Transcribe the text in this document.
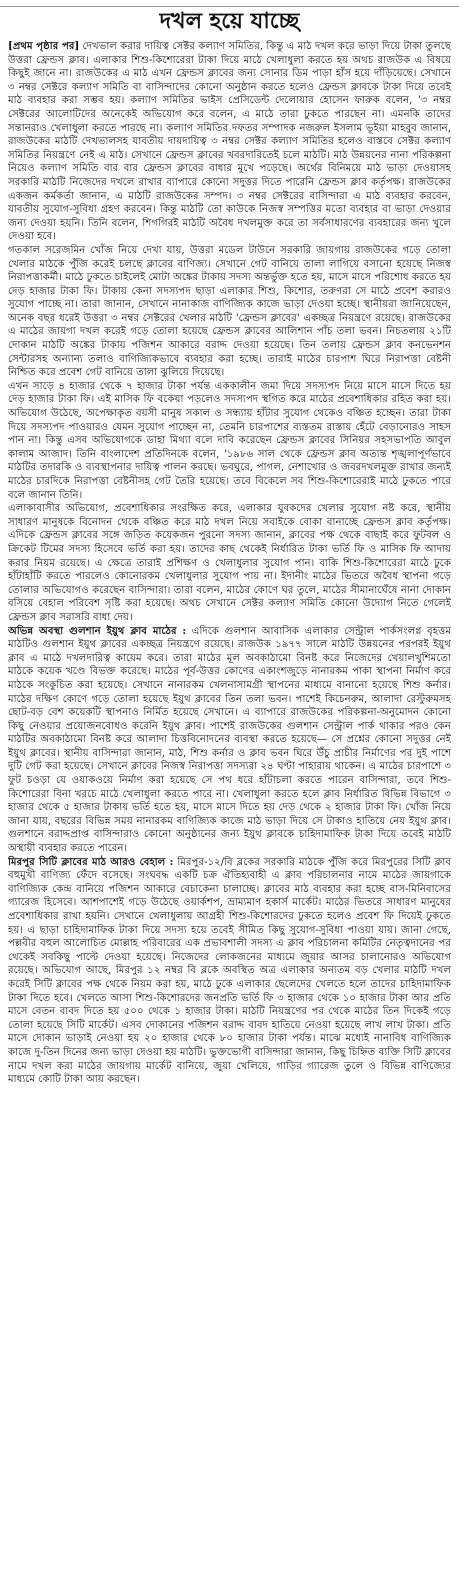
দখল হয়ে যাচ্ছে

[প্রথম পৃষ্ঠার পর] দেখভাল করার দায়িত্ব সেক্টর কল্যাণ সমিতির, কিন্তু এ মাঠ দখল করে ভাড়া দিয়ে টাকা তুলছে উত্তরা ফ্রেন্ডস ক্লাব। এলাকার শিশু-কিশোরেরা টাকা দিয়ে মাঠে খেলাধুলা করতে হয় অথচ রাজউক এ বিষয়ে কিছুই জানে না। রাজউকের এ মাঠ এখন ফ্রেন্ডস ক্লাবের জন্য সোনার ডিম পাড়া হাঁস হয়ে দাঁড়িয়েছে। সেখানে ৩ নম্বর সেক্টরে কল্যাণ সমিতি বা বাসিন্দাদের কোনো অনুষ্ঠান করতে হলেও ফ্রেন্ডস ক্লাবকে টাকা দিয়ে তবেই মাঠ ব্যবহার করা সম্ভব হয়। কল্যাণ সমিতির ভাইস প্রেসিডেন্ট দেলোয়ার হোসেন ফারুক বলেন, '৩ নম্বর সেক্টরের আলোটিদের অনেকেই অভিযোগ করে বলেন, এ মাঠে তারা ঢুকতে পারছেন না। এমনকি তাদের সন্তানরাও খেলাধুলা করতে পারছে না। কল্যাণ সমিতির দফতর সম্পাদক নজরুল ইসলাম ভূইয়া মাহবুব জানান, রাজউকের মাঠটি দেখভালসহ যাবতীয় দায়দায়িত্ব ৩ নম্বর সেক্টর কল্যাণ সমিতির হলেও বাস্তবে সেক্টর কল্যাণ সমিতির নিয়ন্ত্রণে নেই এ মাঠ। সেখানে ফ্রেন্ডস ক্লাবের খবরদারিতেই চলে মাঠটি। মাঠ উন্নয়নের নানা পরিকল্পনা নিয়েও কল্যাণ সমিতি বার বার ফ্রেন্ডস ক্লাবের বাধার মুখে পড়েছে। অর্থের বিনিময়ে মাঠ ভাড়া দেওয়াসহ সরকারি মাঠটি নিজেদের দখলে রাখার ব্যাপারে কোনো সদুত্তর দিতে পারেনি ফ্রেন্ডস ক্লাব কর্তৃপক্ষ। রাজউকের একজন কর্মকর্তা জানান, এ মাঠটি রাজউকের সম্পদ। ৩ নম্বর সেক্টরের বাসিন্দারা এ মাঠ ব্যবহার করবেন, যাবতীয় সুযোগ-সুবিধা গ্রহণ করবেন। কিন্তু মাঠটি তো কাউকে নিজস্ব সম্পত্তির মতো ব্যবহার বা ভাড়া দেওয়ার জন্য দেওয়া হয়নি। তিনি বলেন, শিগগিরই মাঠটি অবৈধ দখলমুক্ত করে তা সর্বসাধারণের ব্যবহারের জন্য খুলে দেওয়া হবে।

গতকাল সরেজমিন খোঁজ নিয়ে দেখা যায়, উত্তরা মডেল টাউনে সরকারি জায়গায় রাজউকের গড়ে তোলা খেলার মাঠকে পুঁজি করেই চলছে ক্লাবের বাণিজ্য। সেখানে গেট বানিয়ে তালা লাগিয়ে বসানো হয়েছে নিজস্ব নিরাপত্তাকর্মী। মাঠে ঢুকতে চাইলেই মোটা অঙ্কের টাকায় সদস্য অন্তর্ভুক্ত হতে হয়, মাসে মাসে পরিশোধ করতে হয় দেড় হাজার টাকা ফি। টাকায় কেনা সদস্যপদ ছাড়া এলাকার শিশু, কিশোর, তরুণরা সে মাঠে প্রবেশ করারও সুযোগ পাচ্ছে না। তারা জানান, সেখানে নানাকাজ বাণিজ্যিক কাজে ভাড়া দেওয়া হচ্ছে। স্থানীয়রা জানিয়েছেন, অনেক বছর ধরেই উত্তরা ৩ নম্বর সেক্টরের খেলার মাঠটি 'ফ্রেন্ডস ক্লাবের' একচ্ছত্র নিয়ন্ত্রণে রয়েছে। রাজউকের এ মাঠের জায়গা দখল করেই গড়ে তোলা হয়েছে ফ্রেন্ডস ক্লাবের আলিশান পাঁচ তলা ভবন। নিচতলায় ২১টি দোকান মাঠটি অঙ্কের টাকায় পজিশন আকারে বরাদ্দ দেওয়া হয়েছে। তিন তলায় ফ্রেন্ডস ক্লাব কনভেনশন সেন্টারসহ অন্যান্য তলাও বাণিজ্যিকভাবে ব্যবহার করা হচ্ছে। তারাই মাঠের চারপাশ ঘিরে নিরাপত্তা বেষ্টনী নিশ্চিত করে প্রবেশ গেট বানিয়ে তালা ঝুলিয়ে দিয়েছে।

এখন সাড়ে ৪ হাজার থেকে ৭ হাজার টাকা পর্যন্ত এককালীন জমা দিয়ে সদস্যপদ নিয়ে মাসে মাসে দিতে হয় দেড় হাজার টাকা ফি। এই মাসিক ফি বকেয়া পড়লেও সদস্যপদ স্থগিত করে মাঠের প্রবেশাধিকার রহিত করা হয়। অভিযোগ উঠেছে, অপেক্ষাকৃত বয়সী মানুষ সকাল ও সন্ধ্যায় হাঁটার সুযোগ থেকেও বঞ্চিত হচ্ছেন। তারা টাকা দিয়ে সদস্যপদ পাওয়ারও যেমন সুযোগ পাচ্ছেন না, তেমনি চারপাশের ব্যস্ততম রাস্তায় হেঁটে বেড়ানোরও সাহস পান না। কিন্তু এসব অভিযোগকে ডাহা মিথ্যা বলে দাবি করেছেন ফ্রেন্ডস ক্লাবের সিনিয়র সহসভাপতি আবুল কালাম আজাদ। তিনি বাংলাদেশ প্রতিদিনকে বলেন, '১৯৮৬ সাল থেকে ফ্রেন্ডস ক্লাব অত্যন্ত শৃঙ্খলাপূর্ণভাবে মাঠটির তদারকি ও ব্যবস্থাপনার দায়িত্ব পালন করছে। ভবঘুরে, পাগল, নেশাখোর ও জবরদখলমুক্ত রাখার জন্যই মাঠের চারদিকে নিরাপত্তা বেষ্টনীসহ গেট তৈরি হয়েছে। তবে বিকেলে সব শিশু-কিশোরেরাই মাঠে ঢুকতে পারে বলে জানান তিনি।

এলাকাবাসীর অভিযোগ, প্রবেশাধিকার সংরক্ষিত করে, এলাকার যুবকদের খেলার সুযোগ নষ্ট করে, স্থানীয় সাধারণ মানুষকে বিনোদন থেকে বঞ্চিত করে মাঠ দখল নিয়ে সবাইকে বোকা বানাচ্ছে ফ্রেন্ডস ক্লাব কর্তৃপক্ষ। এদিকে ফ্রেন্ডস ক্লাবের সঙ্গে জড়িত কয়েকজন পুরনো সদস্য জানান, ক্লাবের পক্ষ থেকে বাছাই করে ফুটবল ও ক্রিকেট টিমের সদস্য হিসেবে ভর্তি করা হয়। তাদের কাছ থেকেই নির্ধারিত টাকা ভর্তি ফি ও মাসিক ফি আদায় করার নিয়ম রয়েছে। এ ক্ষেত্রে তারাই প্রশিক্ষণ ও খেলাধুলার সুযোগ পান। বাকি শিশু-কিশোরেরা মাঠে ঢুকে হাঁটাহাঁটি করতে পারলেও কোনোরকম খেলাধুলার সুযোগ পায় না। ইদানীং মাঠের ভিতরে অবৈধ স্থাপনা গড়ে তোলার অভিযোগও করেছেন বাসিন্দারা। তারা বলেন, মাঠের কোণে ঘর তুলে, মাঠের সীমানাঘেঁষে নানা দোকান বসিয়ে বেহাল পরিবেশ সৃষ্টি করা হয়েছে। অথচ সেখানে সেক্টর কল্যাণ সমিতি কোনো উদ্যোগ নিতে গেলেই ফ্রেন্ডস ক্লাব সরাসরি বাধা দেয়।

অভিন্ন অবস্থা গুলশান ইয়ুথ ক্লাব মাঠের : এদিকে গুলশান আবাসিক এলাকার সেন্ট্রাল পার্কসংলগ্ন বৃহত্তম মাঠটিও গুলশান ইয়ুথ ক্লাবের একচ্ছত্র নিয়ন্ত্রণে রয়েছে। রাজউক ১৯৭৭ সালে মাঠটি উন্নয়নের পরপরই ইয়ুথ ক্লাব এ মাঠে দখলদারিত্ব কায়েম করে। তারা মাঠের মূল অবকাঠামো বিনষ্ট করে নিজেদের খেয়ালখুশিমতো মাঠকে কয়েক খণ্ডে বিভক্ত করেছে। মাঠের পূর্ব-উত্তর কোণের একাংশজুড়ে নানারকম পাকা স্থাপনা নির্মাণ করে মাঠকে সংকুচিত করা হয়েছে। সেখানে নানারকম খেলনাসামগ্রী স্থাপনের মাধ্যমে বানানো হয়েছে শিশু কর্নার। মাঠের দক্ষিণ কোণে গড়ে তোলা হয়েছে ইয়ুথ ক্লাবের তিন তলা ভবন। পাশেই কিচেনরুম, আলাদা রেস্টুরুমসহ ছোট-বড় বেশ কয়েকটি স্থাপনাও নির্মিত হয়েছে সেখানে। এ ব্যাপারে রাজউকের পরিকল্পনা-অনুমোদন কোনো কিছু নেওয়ার প্রয়োজনবোধও করেনি ইয়ুথ ক্লাব। পাশেই রাজউকের গুলশান সেন্ট্রাল পার্ক থাকার পরও কেন মাঠটির অবকাঠামো বিনষ্ট করে আলাদা চিত্তবিনোদনের ব্যবস্থা করতে হয়েছে— সে প্রশ্নের কোনো সদুত্তর নেই ইয়ুথ ক্লাবের। স্থানীয় বাসিন্দারা জানান, মাঠ, শিশু কর্নার ও ক্লাব ভবন ঘিরে উঁচু প্রাচীর নির্মাণের পর দুই পাশে দুটি গেট করা হয়েছে। সেখানে ক্লাবের নিজস্ব নিরাপত্তা সদস্যরা ২৪ ঘণ্টা পাহারায় থাকেন। এ মাঠের চারপাশে ৩ ফুট চওড়া যে ওয়াকওয়ে নির্মাণ করা হয়েছে সে পথ ধরে হাঁটাচলা করতে পারেন বাসিন্দারা, তবে শিশু-কিশোরেরা বিনা খরচে মাঠে খেলাধুলা করতে পারে না। খেলাধুলা করতে হলে ক্লাব নির্ধারিত বিভিন্ন বিভাগে ৩ হাজার থেকে ৫ হাজার টাকায় ভর্তি হতে হয়, মাসে মাসে দিতে হয় দেড় থেকে ২ হাজার টাকা ফি। খোঁজ নিয়ে জানা যায়, বছরের বিভিন্ন সময় নানারকম বাণিজ্যিক কাজে মাঠ ভাড়া দিয়ে সে টাকাও হাতিয়ে নেয় ইয়ুথ ক্লাব। গুলশানে বরাদ্দপ্রাপ্ত বাসিন্দারাও কোনো অনুষ্ঠানের জন্য ইয়ুথ ক্লাবকে চাহিদামাফিক টাকা দিয়ে তবেই মাঠটি অস্থায়ী ব্যবহার করতে পারেন।

মিরপুর সিটি ক্লাবের মাঠ আরও বেহাল : মিরপুর-১২/বি ব্লকের সরকারি মাঠকে পুঁজি করে মিরপুরের সিটি ক্লাব বহুমুখী বাণিজ্য ফেঁদে বসেছে। সংঘবদ্ধ একটি চক্র ঐতিহ্যবাহী এ ক্লাব পরিচালনার নামে মাঠের জায়গাকে বাণিজ্যিক কেন্দ্র বানিয়ে পজিশন আকারে বেচাকেনা চালাচ্ছে। ক্লাবের মাঠ ব্যবহার করা হচ্ছে বাস-মিনিবাসের গ্যারেজ হিসেবে। আশপাশেই গড়ে উঠেছে ওয়ার্কশপ, ভ্রাম্যমাণ হকার্স মার্কেট। মাঠের ভিতরে সাধারণ মানুষের প্রবেশাধিকার রাখা হয়নি। সেখানে খেলাধুলায় আগ্রহী শিশু-কিশোরদের ঢুকতে হলেও প্রবেশ ফি দিয়েই ঢুকতে হয়। এ ছাড়া চাহিদামাফিক টাকা দিয়ে সদস্য হয়ে তবেই সীমিত কিছু সুযোগ-সুবিধা পাওয়া যায়। জানা গেছে, পল্লবীর বহুল আলোচিত মোল্লাহ পরিবারের এক প্রভাবশালী সদস্য এ ক্লাব পরিচালনা কমিটির নেতৃত্বদানের পর থেকেই সবকিছু পাল্টে দেওয়া হয়েছে। নিজেদের লোকজনের মাধ্যমে জুয়ার আসর চালানোরও অভিযোগ রয়েছে। অভিযোগ আছে, মিরপুর ১২ নম্বর বি ব্লকে অবস্থিত অত্র এলাকার অন্যতম বড় খেলার মাঠটি দখল করেই সিটি ক্লাবের পক্ষ থেকে নিয়ম করা হয়, মাঠে ঢুকে এলাকার ছেলেদের খেলতে হলে তাদের চাহিদামাফিক টাকা দিতে হবে। খেলতে আসা শিশু-কিশোরদের জনপ্রতি ভর্তি ফি ৩ হাজার থেকে ১০ হাজার টাকা আর প্রতি মাসে বেতন বাবদ দিতে হয় ৫০০ থেকে ১ হাজার টাকা। মাঠটি নিয়ন্ত্রণের পর থেকে মাঠের তিন দিকেই গড়ে তোলা হয়েছে সিটি মার্কেট। এসব দোকানের পজিশন বরাদ্দ বাবদ হাতিয়ে নেওয়া হয়েছে লাখ লাখ টাকা। প্রতি মাসে দোকান ভাড়াই নেওয়া হয় ২০ হাজার থেকে ৮০ হাজার টাকা পর্যন্ত। মাঝে মধ্যেই নানাবিধ বাণিজ্যিক কাজে দু-তিন দিনের জন্য ভাড়া দেওয়া হয় মাঠটি। ভুক্তভোগী বাসিন্দারা জানান, কিছু চিহ্নিত ব্যক্তি সিটি ক্লাবের নামে দখল করা মাঠের জায়গায় মার্কেট বানিয়ে, জুয়া খেলিয়ে, গাড়ির গ্যারেজ তুলে ও বিভিন্ন বাণিজ্যের মাধ্যমে কোটি টাকা আয় করছেন।
